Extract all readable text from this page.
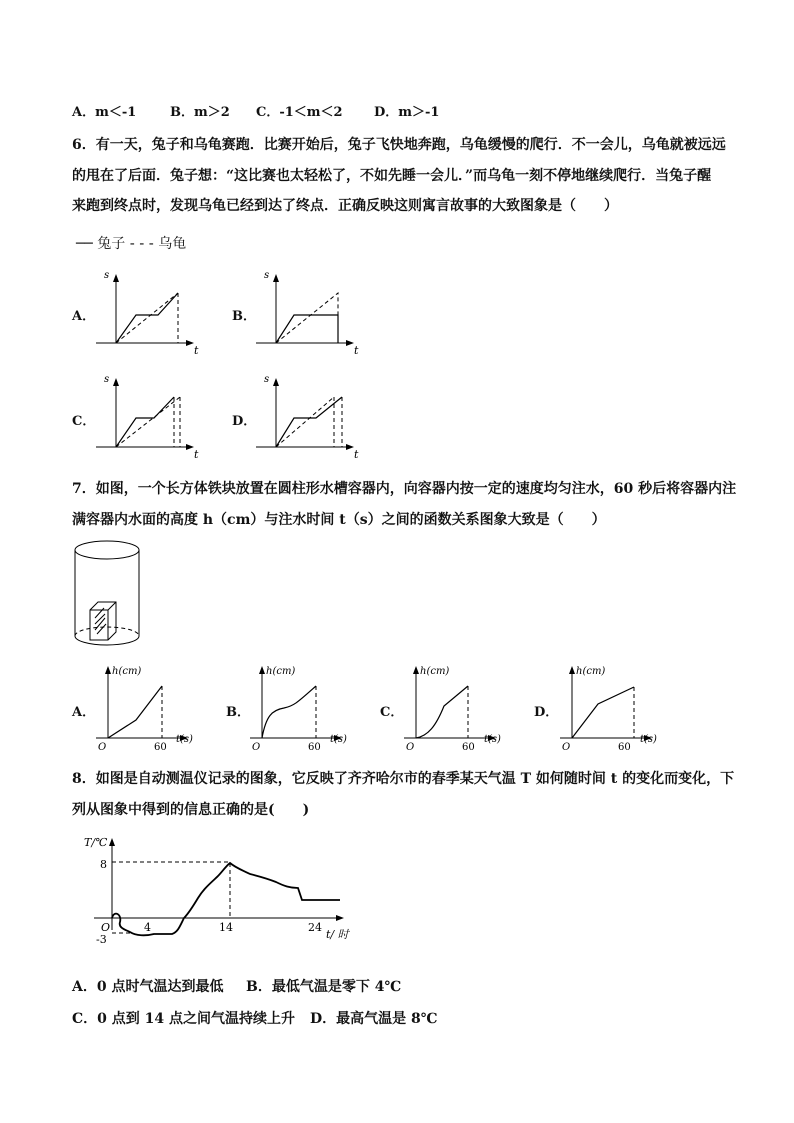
A．m＜-1	B．m＞2 C．-1＜m＜2 D．m＞-1
6．有一天，兔子和乌龟赛跑．比赛开始后，兔子飞快地奔跑，乌龟缓慢的爬行．不一会儿，乌龟就被远远
的甩在了后面．兔子想：“这比赛也太轻松了，不如先睡一会儿．”而乌龟一刻不停地继续爬行．当兔子醒
来跑到终点时，发现乌龟已经到达了终点．正确反映这则寓言故事的大致图象是（　　）
── 兔子 - - - 乌龟
A．	B．
C．	D．
s
t
s
t
s
t
s
t
7．如图，一个长方体铁块放置在圆柱形水槽容器内，向容器内按一定的速度均匀注水，60 秒后将容器内注
满容器内水面的高度 h（cm）与注水时间 t（s）之间的函数关系图象大致是（　　）
A．	B．	C．	D．
h(cm)
t(s)
O	60
h(cm)
t(s)
O	60
h(cm)
t(s)
O	60
h(cm)
t(s)
O	60
8．如图是自动测温仪记录的图象，它反映了齐齐哈尔市的春季某天气温 T 如何随时间 t 的变化而变化，下
列从图象中得到的信息正确的是(　　)
T/℃
t/ 时
O
8
-3
4	14	24
A．0 点时气温达到最低 B．最低气温是零下 4℃
C．0 点到 14 点之间气温持续上升 D．最高气温是 8℃
